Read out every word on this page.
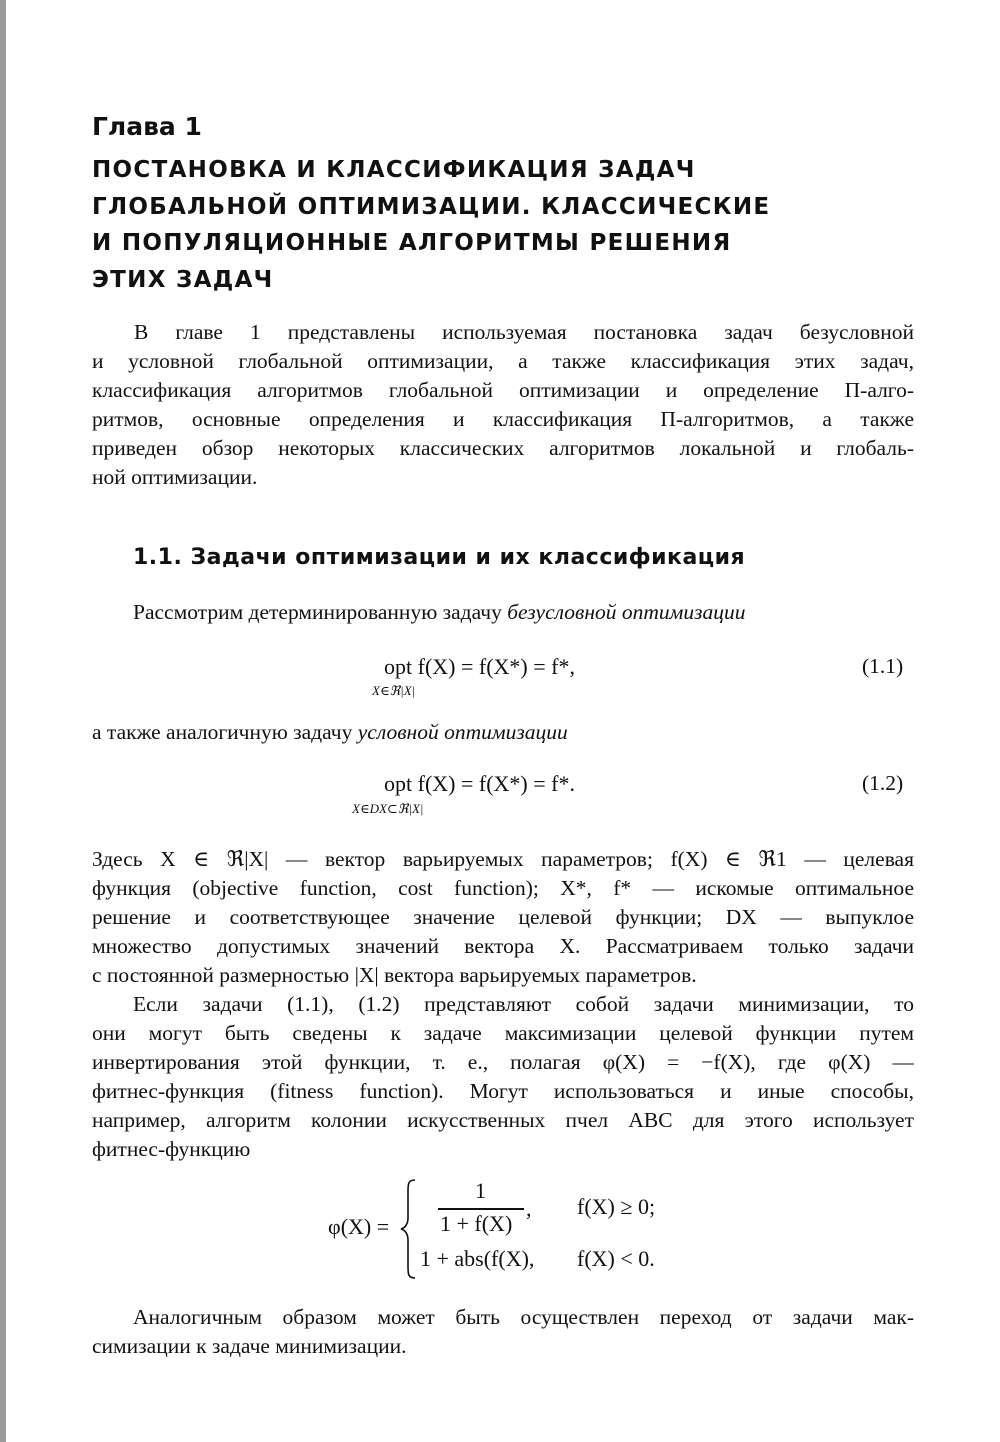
Глава 1
ПОСТАНОВКА И КЛАССИФИКАЦИЯ ЗАДАЧ
ГЛОБАЛЬНОЙ ОПТИМИЗАЦИИ. КЛАССИЧЕСКИЕ
И ПОПУЛЯЦИОННЫЕ АЛГОРИТМЫ РЕШЕНИЯ
ЭТИХ ЗАДАЧ
В главе 1 представлены используемая постановка задач безусловной
и условной глобальной оптимизации, а также классификация этих задач,
классификация алгоритмов глобальной оптимизации и определение П-алго-
ритмов, основные определения и классификация П-алгоритмов, а также
приведен обзор некоторых классических алгоритмов локальной и глобаль-
ной оптимизации.
1.1. Задачи оптимизации и их классификация
Рассмотрим детерминированную задачу безусловной оптимизации
opt f(X) = f(X*) = f*,
X∈ℜ|X|
(1.1)
а также аналогичную задачу условной оптимизации
opt f(X) = f(X*) = f*.
X∈DX⊂ℜ|X|
(1.2)
Здесь X ∈ ℜ|X| — вектор варьируемых параметров; f(X) ∈ ℜ1 — целевая
функция (objective function, cost function); X*, f* — искомые оптимальное
решение и соответствующее значение целевой функции; DX — выпуклое
множество допустимых значений вектора X. Рассматриваем только задачи
с постоянной размерностью |X| вектора варьируемых параметров.
Если задачи (1.1), (1.2) представляют собой задачи минимизации, то
они могут быть сведены к задаче максимизации целевой функции путем
инвертирования этой функции, т. е., полагая φ(X) = −f(X), где φ(X) —
фитнес-функция (fitness function). Могут использоваться и иные способы,
например, алгоритм колонии искусственных пчел ABC для этого использует
фитнес-функцию
φ(X) =
1
1 + f(X)
, f(X) ≥ 0;
1 + abs(f(X), f(X) < 0.
Аналогичным образом может быть осуществлен переход от задачи мак-
симизации к задаче минимизации.
